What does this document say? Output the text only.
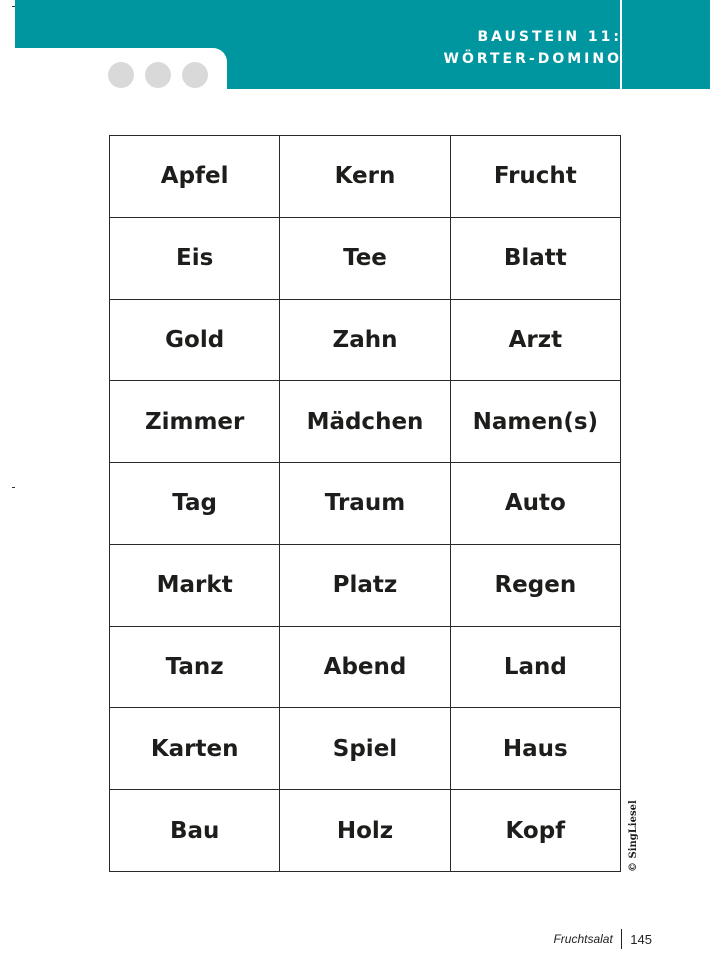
BAUSTEIN 11:
WÖRTER-DOMINO
Apfel	Kern	Frucht
Eis	Tee	Blatt
Gold	Zahn	Arzt
Zimmer	Mädchen	Namen(s)
Tag	Traum	Auto
Markt	Platz	Regen
Tanz	Abend	Land
Karten	Spiel	Haus
Bau	Holz	Kopf	© SingLiesel
Fruchtsalat 145
